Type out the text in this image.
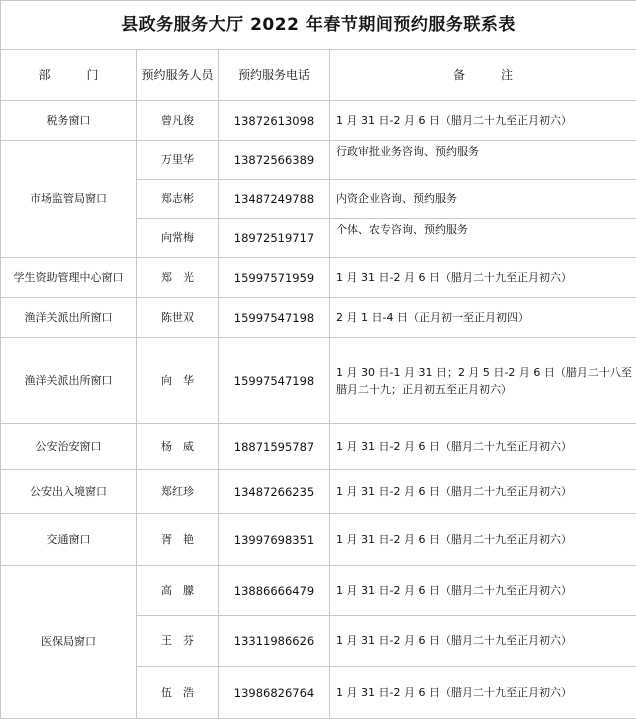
县政务服务大厅 2022 年春节期间预约服务联系表			
部　　　门	预约服务人员	预约服务电话	备　　　注
税务窗口	曾凡俊	13872613098	1 月 31 日-2 月 6 日（腊月二十九至正月初六）
市场监管局窗口	万里华	13872566389	行政审批业务咨询、预约服务
	郑志彬	13487249788	内资企业咨询、预约服务
	向常梅	18972519717	个体、农专咨询、预约服务
学生资助管理中心窗口	郑　光	15997571959	1 月 31 日-2 月 6 日（腊月二十九至正月初六）
渔洋关派出所窗口	陈世双	15997547198	2 月 1 日-4 日（正月初一至正月初四）
渔洋关派出所窗口	向　华	15997547198	1 月 30 日-1 月 31 日；2 月 5 日-2 月 6 日（腊月二十八至腊月二十九；正月初五至正月初六）
公安治安窗口	杨　威	18871595787	1 月 31 日-2 月 6 日（腊月二十九至正月初六）
公安出入境窗口	郑红珍	13487266235	1 月 31 日-2 月 6 日（腊月二十九至正月初六）
交通窗口	胥　艳	13997698351	1 月 31 日-2 月 6 日（腊月二十九至正月初六）
医保局窗口	高　朦	13886666479	1 月 31 日-2 月 6 日（腊月二十九至正月初六）
	王　芬	13311986626	1 月 31 日-2 月 6 日（腊月二十九至正月初六）
	伍　浩	13986826764	1 月 31 日-2 月 6 日（腊月二十九至正月初六）
